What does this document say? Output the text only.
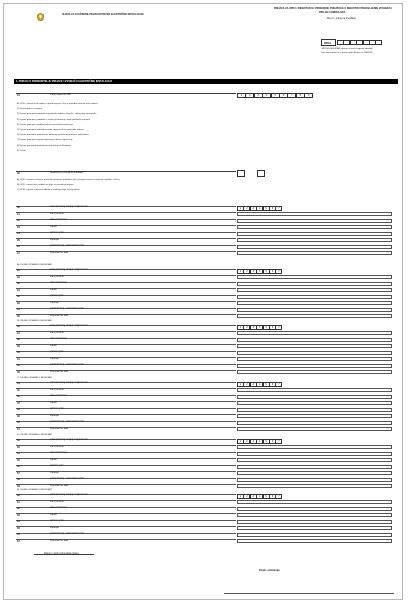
IZJAVA ZA SLUŽBENE PRIJAVOSTRUKE ELEKTRIČNE INSTALACIJE
PRIJAVA ZA UPIS U REGISTAR ILI PROMJENU PODATAKA U REGISTRU PRIJAVLJENIH IZVOĐAČA
PRILOG FORMULARA
Broj 3 - prilog za izvođača
BROJ
OBRTNI REGISTAR (upisuje se broj iz registra obrtnika)
Cijeli broj unesite se u prazna polja (brojevi su OBRTNI)
1. PODACI O PODNOSITELJU PRIJAVE / IZVOĐAČU ELEKTRIČNIH INSTALACIJA
01	vrsta prijave za OPR	1	2	3	4	5	6	7	8	9
02	obrazložene promjene podataka
Datum i potpis podnositelja prijave
Potpis ovlaštenja
A) OPR - upisati vrste radova, upisati brojeve i ako je potrebno navesti vrste radova
1) Upisati prijavu, izmjene
2) Upisati promjenu podataka zaposlenih radnika, vlasnika, zakonskog zastupnika
3) Upisati promjenu podataka o načinu poslovanja, broja poslovnih prostora
4) Upisati promjenu sjedišta prijave, prestanak poslovanja
5) Upisati promjenu podataka osoba odgovornih za provedbu radova
6) Upisati prestanak poslovanja, otvaranje poslovnog prostora, podružnice
7) Upisati promjenu registarskog broja, obrtne registracije
8) Upisati prestanak poslovanja radi stečaja ili likvidacije
9) Ostalo
A) OPR - navesti iz čega je proizašla promjena podataka (npr. promjena imena, osnivača, sjedišta i slično)
B) OPR - navesti broj radnika za koje se provodi promjena
C) OPR - upisati u prijavu podatke o osobama koje su prijavljene
1	2	3	4	5	6	7
08	vrsta (stručnog zvanja) i odgovornost
21	ime i prezime
22	ulica i kućni broj
23	mjesto
24	općina / grad
25	županija
26	poštanski broj, elektronička pošta
27	broj telefona, faks
A) OSOBE UPISANE U REGISTAR
1	2	3	4	5	6	7
28	vrsta (stručnog zvanja) i odgovornost
29	ime i prezime
30	ulica i kućni broj
31	mjesto
32	općina / grad
33	županija
34	poštanski broj, elektronička pošta
35	broj telefona, faks
B) OSOBE UPISANE U REGISTAR
1	2	3	4	5	6	7
36	vrsta (stručnog zvanja) i odgovornost
37	ime i prezime
38	ulica i kućni broj
39	mjesto
40	općina / grad
41	županija
42	poštanski broj, elektronička pošta
43	broj telefona, faks
C) OSOBE UPISANE U REGISTAR
1	2	3	4	5	6	7
44	vrsta (stručnog zvanja) i odgovornost
45	ime i prezime
46	ulica i kućni broj
47	mjesto
48	općina / grad
49	županija
50	poštanski broj, elektronička pošta
51	broj telefona, faks
D) OSOBE UPISANE U REGISTAR
1	2	3	4	5	6	7
52	vrsta (stručnog zvanja) i odgovornost
53	ime i prezime
54	ulica i kućni broj
55	mjesto
56	općina / grad
57	županija
58	poštanski broj, elektronička pošta
59	broj telefona, faks
E) OSOBE UPISANE U REGISTAR
1	2	3	4	5	6	7
60	vrsta (stručnog zvanja) i odgovornost
61	ime i prezime
62	ulica i kućni broj
63	mjesto
64	općina / grad
65	županija
66	poštanski broj, elektronička pošta
67	broj telefona, faks
